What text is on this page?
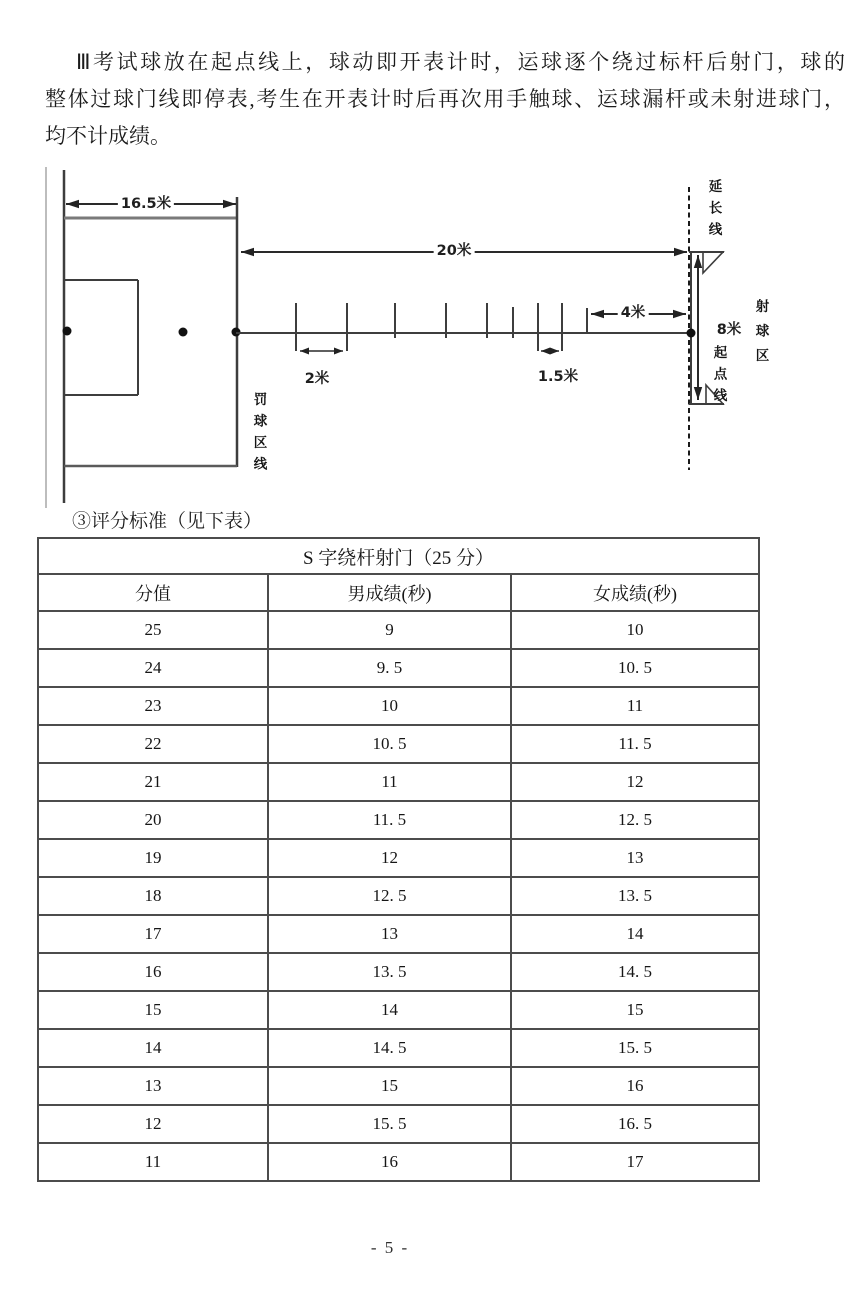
Ⅲ考试球放在起点线上，球动即开表计时，运球逐个绕过标杆后射门，球的
整体过球门线即停表,考生在开表计时后再次用手触球、运球漏杆或未射进球门，
均不计成绩。
16.5米
20米
4米
2米	1.5米
8米
延长线
起点线
射球区
罚球区线
③评分标准（见下表）
S 字绕杆射门（25 分）		
分值	男成绩(秒)	女成绩(秒)
25	9	10
24	9. 5	10. 5
23	10	11
22	10. 5	11. 5
21	11	12
20	11. 5	12. 5
19	12	13
18	12. 5	13. 5
17	13	14
16	13. 5	14. 5
15	14	15
14	14. 5	15. 5
13	15	16
12	15. 5	16. 5
11	16	17
- 5 -
